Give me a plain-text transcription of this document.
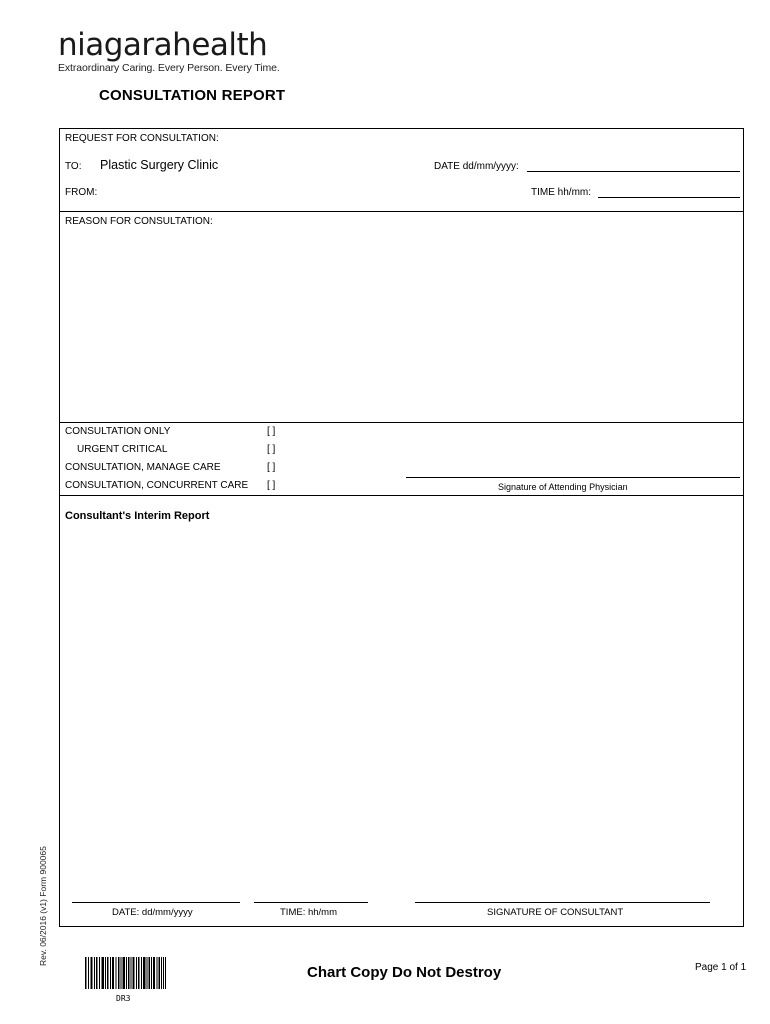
niagarahealth
Extraordinary Caring. Every Person. Every Time.
CONSULTATION REPORT
REQUEST FOR CONSULTATION:
TO: Plastic Surgery Clinic	DATE dd/mm/yyyy:
FROM:	TIME hh/mm:
REASON FOR CONSULTATION:
CONSULTATION ONLY	[ ]
URGENT CRITICAL	[ ]
CONSULTATION, MANAGE CARE	[ ]
CONSULTATION, CONCURRENT CARE [ ]	Signature of Attending Physician
Consultant's Interim Report
DATE: dd/mm/yyyy	TIME: hh/mm	SIGNATURE OF CONSULTANT
Rev. 06/2016 (v1) Form 900065
DR3
Chart Copy Do Not Destroy	Page 1 of 1
